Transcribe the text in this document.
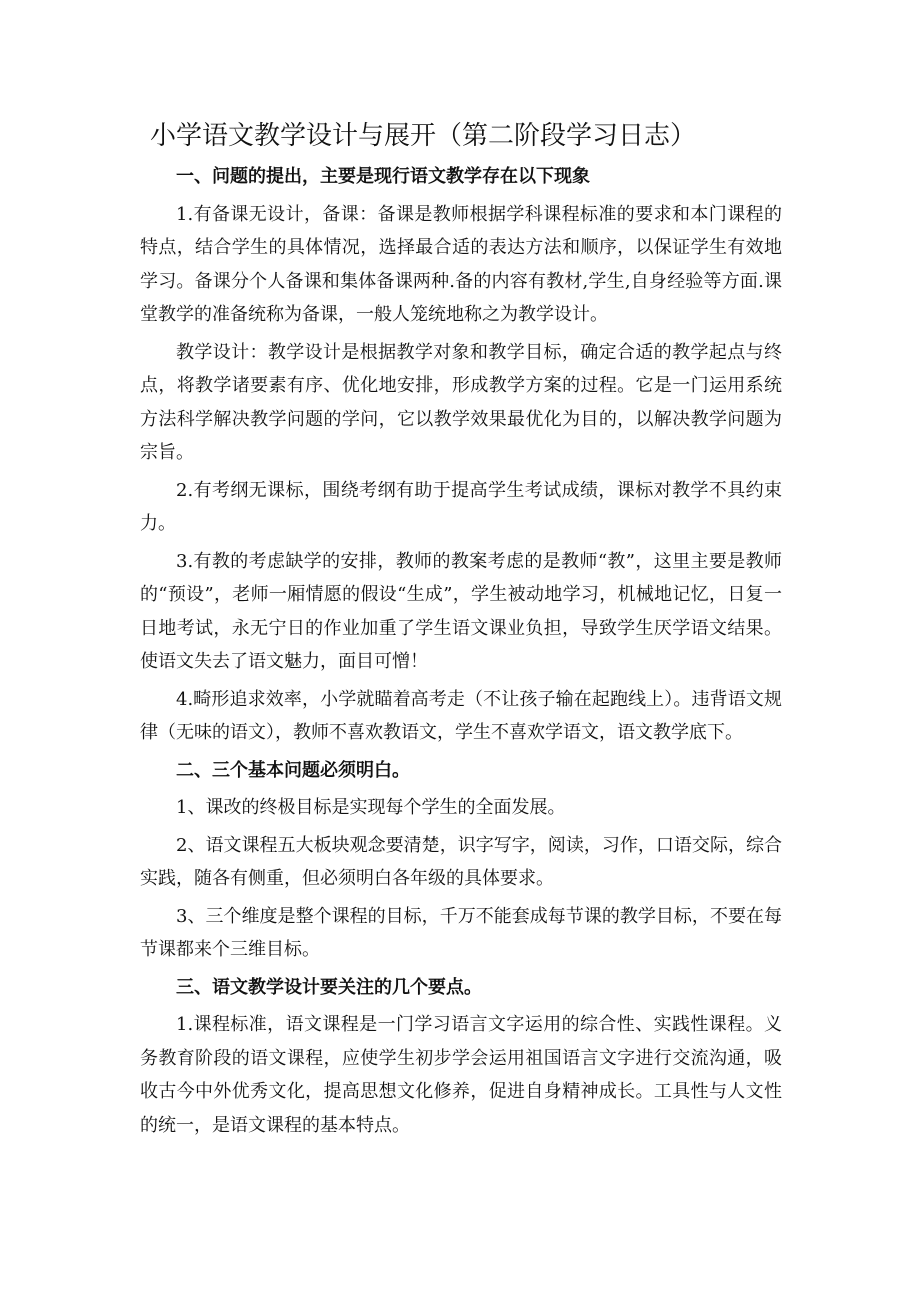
小学语文教学设计与展开（第二阶段学习日志）

一、问题的提出，主要是现行语文教学存在以下现象

1.有备课无设计，备课：备课是教师根据学科课程标准的要求和本门课程的特点，结合学生的具体情况，选择最合适的表达方法和顺序，以保证学生有效地学习。备课分个人备课和集体备课两种.备的内容有教材,学生,自身经验等方面.课堂教学的准备统称为备课，一般人笼统地称之为教学设计。

教学设计：教学设计是根据教学对象和教学目标，确定合适的教学起点与终点，将教学诸要素有序、优化地安排，形成教学方案的过程。它是一门运用系统方法科学解决教学问题的学问，它以教学效果最优化为目的，以解决教学问题为宗旨。

2.有考纲无课标，围绕考纲有助于提高学生考试成绩，课标对教学不具约束力。

3.有教的考虑缺学的安排，教师的教案考虑的是教师“教”，这里主要是教师的“预设”，老师一厢情愿的假设“生成”，学生被动地学习，机械地记忆，日复一日地考试，永无宁日的作业加重了学生语文课业负担，导致学生厌学语文结果。使语文失去了语文魅力，面目可憎！

4.畸形追求效率，小学就瞄着高考走（不让孩子输在起跑线上）。违背语文规律（无味的语文），教师不喜欢教语文，学生不喜欢学语文，语文教学底下。

二、三个基本问题必须明白。

1、课改的终极目标是实现每个学生的全面发展。

2、语文课程五大板块观念要清楚，识字写字，阅读，习作，口语交际，综合实践，随各有侧重，但必须明白各年级的具体要求。

3、三个维度是整个课程的目标，千万不能套成每节课的教学目标，不要在每节课都来个三维目标。

三、语文教学设计要关注的几个要点。

1.课程标准，语文课程是一门学习语言文字运用的综合性、实践性课程。义务教育阶段的语文课程，应使学生初步学会运用祖国语言文字进行交流沟通，吸收古今中外优秀文化，提高思想文化修养，促进自身精神成长。工具性与人文性的统一，是语文课程的基本特点。
